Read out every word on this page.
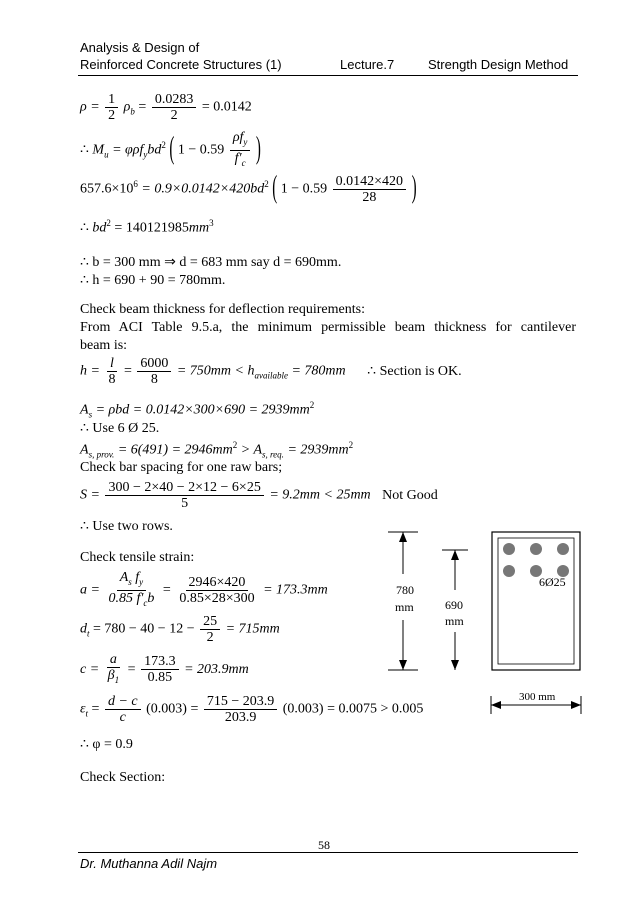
Analysis & Design of
Reinforced Concrete Structures (1)	Lecture.7	Strength Design Method
$\rho = \frac{1}{2} \rho_b = \frac{0.0283}{2} = 0.0142$
∴ $M_u = \varphi\rho f_ybd^2$ ( $1 - 0.59 \frac{\rho f_y}{f'_c}$ )
$657.6\times 10^6 = 0.9\times 0.0142\times 420bd^2$ ( $1 - 0.59 \frac{0.0142\times 420}{28}$ )
∴ $bd^2 = 140121985mm^3$
∴ b = 300 mm ⇒ d = 683 mm say d = 690mm.
∴ h = 690 + 90 = 780mm.
Check beam thickness for deflection requirements:
From ACI Table 9.5.a, the minimum permissible beam thickness for cantilever
beam is:
$h = \frac{l}{8} = \frac{6000}{8} = 750mm < h_{available} = 780mm$ ∴ Section is OK.
$A_s = \rho bd = 0.0142\times 300\times 690 = 2939mm^2$
∴ Use 6 Ø 25.
$A_{s, prov.} = 6(491) = 2946mm^2 > A_{s, req.} = 2939mm^2$
Check bar spacing for one raw bars;
$S = \frac{300 - 2\times 40 - 2\times 12 - 6\times 25}{5} = 9.2mm < 25mm$ Not Good
∴ Use two rows.
Check tensile strain:
$a = \frac{A_s f_y}{0.85 f'_cb} = \frac{2946\times 420}{0.85\times 28\times 300} = 173.3mm$
$d_t = 780 - 40 - 12 - \frac{25}{2} = 715mm$
$c = \frac{a}{\beta_1} = \frac{173.3}{0.85} = 203.9mm$
$\varepsilon_t = \frac{d - c}{c} (0.003) = \frac{715 - 203.9}{203.9} (0.003) = 0.0075 > 0.005$
∴ φ = 0.9
Check Section:
780
mm	690
mm
6Ø25
300 mm
58
Dr. Muthanna Adil Najm
